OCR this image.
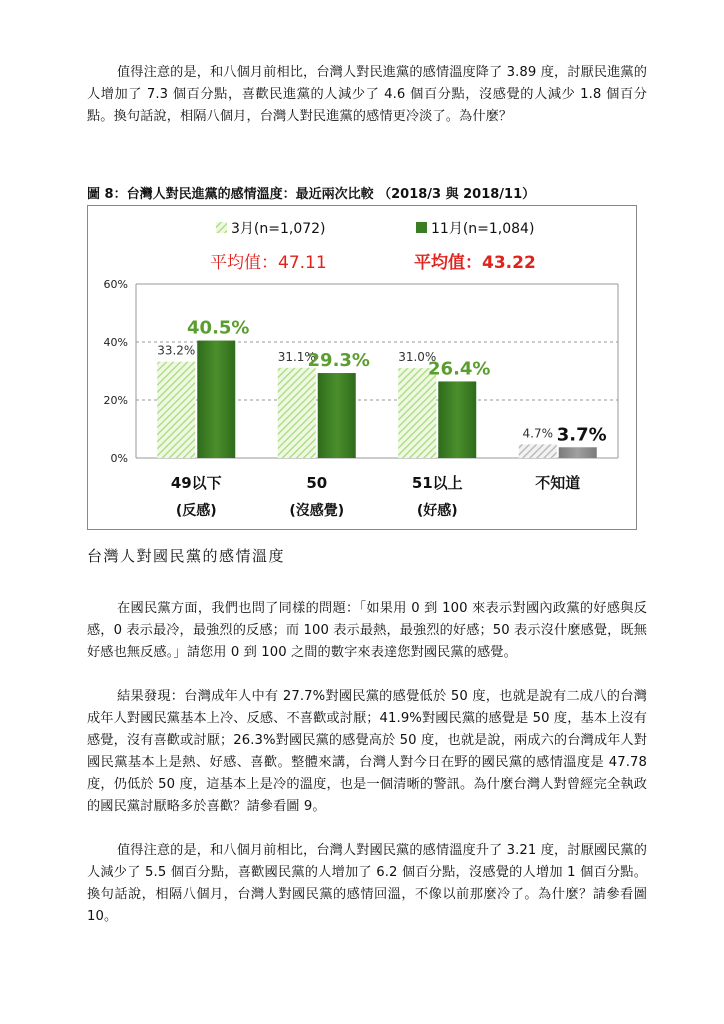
值得注意的是，和八個月前相比，台灣人對民進黨的感情溫度降了 3.89 度，討厭民進黨的人增加了 7.3 個百分點，喜歡民進黨的人減少了 4.6 個百分點，沒感覺的人減少 1.8 個百分點。換句話說，相隔八個月，台灣人對民進黨的感情更冷淡了。為什麼？
圖 8：台灣人對民進黨的感情溫度：最近兩次比較 （2018/3 與 2018/11）
0%
20%
40%
60%
33.2%
40.5%
49以下
(反感)
31.1%
29.3%
50
(沒感覺)
31.0%
26.4%
51以上
(好感)
4.7% 3.7%
不知道
3月(n=1,072)	11月(n=1,084)
平均值：47.11	平均值：43.22
台灣人對國民黨的感情溫度
在國民黨方面，我們也問了同樣的問題：「如果用 0 到 100 來表示對國內政黨的好感與反感，0 表示最冷，最強烈的反感；而 100 表示最熱，最強烈的好感；50 表示沒什麼感覺，既無好感也無反感。」請您用 0 到 100 之間的數字來表達您對國民黨的感覺。
結果發現：台灣成年人中有 27.7%對國民黨的感覺低於 50 度，也就是說有二成八的台灣成年人對國民黨基本上冷、反感、不喜歡或討厭；41.9%對國民黨的感覺是 50 度，基本上沒有感覺，沒有喜歡或討厭；26.3%對國民黨的感覺高於 50 度，也就是說，兩成六的台灣成年人對國民黨基本上是熱、好感、喜歡。整體來講，台灣人對今日在野的國民黨的感情溫度是 47.78 度，仍低於 50 度，這基本上是冷的溫度，也是一個清晰的警訊。為什麼台灣人對曾經完全執政的國民黨討厭略多於喜歡？請參看圖 9。
值得注意的是，和八個月前相比，台灣人對國民黨的感情溫度升了 3.21 度，討厭國民黨的人減少了 5.5 個百分點，喜歡國民黨的人增加了 6.2 個百分點，沒感覺的人增加 1 個百分點。換句話說，相隔八個月，台灣人對國民黨的感情回溫，不像以前那麼冷了。為什麼？請參看圖 10。
